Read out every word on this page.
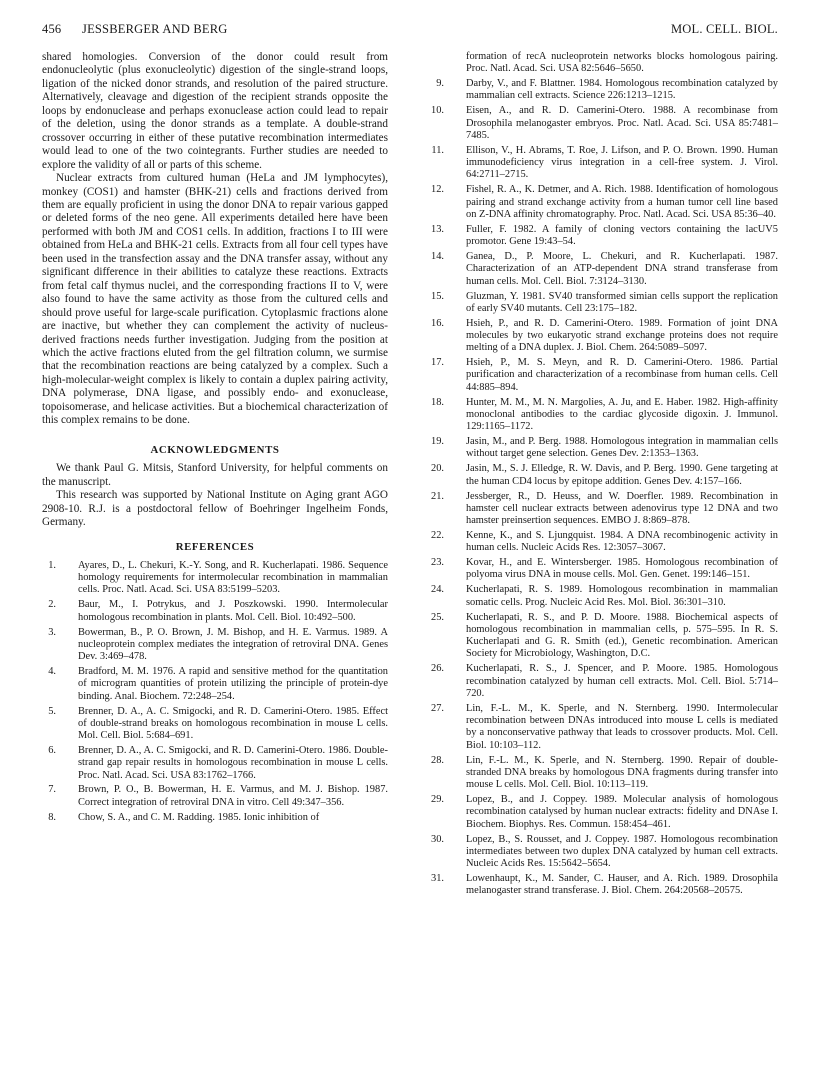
456 JESSBERGER AND BERG	MOL. CELL. BIOL.

shared homologies. Conversion of the donor could result from endonucleolytic (plus exonucleolytic) digestion of the single-strand loops, ligation of the nicked donor strands, and resolution of the paired structure. Alternatively, cleavage and digestion of the recipient strands opposite the loops by endonuclease and perhaps exonuclease action could lead to repair of the deletion, using the donor strands as a template. A double-strand crossover occurring in either of these putative recombination intermediates would lead to one of the two cointegrants. Further studies are needed to explore the validity of all or parts of this scheme.

Nuclear extracts from cultured human (HeLa and JM lymphocytes), monkey (COS1) and hamster (BHK-21) cells and fractions derived from them are equally proficient in using the donor DNA to repair various gapped or deleted forms of the neo gene. All experiments detailed here have been performed with both JM and COS1 cells. In addition, fractions I to III were obtained from HeLa and BHK-21 cells. Extracts from all four cell types have been used in the transfection assay and the DNA transfer assay, without any significant difference in their abilities to catalyze these reactions. Extracts from fetal calf thymus nuclei, and the corresponding fractions II to V, were also found to have the same activity as those from the cultured cells and should prove useful for large-scale purification. Cytoplasmic fractions alone are inactive, but whether they can complement the activity of nucleus-derived fractions needs further investigation. Judging from the position at which the active fractions eluted from the gel filtration column, we surmise that the recombination reactions are being catalyzed by a complex. Such a high-molecular-weight complex is likely to contain a duplex pairing activity, DNA polymerase, DNA ligase, and possibly endo- and exonuclease, topoisomerase, and helicase activities. But a biochemical characterization of this complex remains to be done.

ACKNOWLEDGMENTS

We thank Paul G. Mitsis, Stanford University, for helpful comments on the manuscript.

This research was supported by National Institute on Aging grant AGO 2908-10. R.J. is a postdoctoral fellow of Boehringer Ingelheim Fonds, Germany.

REFERENCES
1. Ayares, D., L. Chekuri, K.-Y. Song, and R. Kucherlapati. 1986. Sequence homology requirements for intermolecular recombination in mammalian cells. Proc. Natl. Acad. Sci. USA 83:5199–5203.
2. Baur, M., I. Potrykus, and J. Poszkowski. 1990. Intermolecular homologous recombination in plants. Mol. Cell. Biol. 10:492–500.
3. Bowerman, B., P. O. Brown, J. M. Bishop, and H. E. Varmus. 1989. A nucleoprotein complex mediates the integration of retroviral DNA. Genes Dev. 3:469–478.
4. Bradford, M. M. 1976. A rapid and sensitive method for the quantitation of microgram quantities of protein utilizing the principle of protein-dye binding. Anal. Biochem. 72:248–254.
5. Brenner, D. A., A. C. Smigocki, and R. D. Camerini-Otero. 1985. Effect of double-strand breaks on homologous recombination in mouse L cells. Mol. Cell. Biol. 5:684–691.
6. Brenner, D. A., A. C. Smigocki, and R. D. Camerini-Otero. 1986. Double-strand gap repair results in homologous recombination in mouse L cells. Proc. Natl. Acad. Sci. USA 83:1762–1766.
7. Brown, P. O., B. Bowerman, H. E. Varmus, and M. J. Bishop. 1987. Correct integration of retroviral DNA in vitro. Cell 49:347–356.
8. Chow, S. A., and C. M. Radding. 1985. Ionic inhibition of
formation of recA nucleoprotein networks blocks homologous pairing. Proc. Natl. Acad. Sci. USA 82:5646–5650.
9. Darby, V., and F. Blattner. 1984. Homologous recombination catalyzed by mammalian cell extracts. Science 226:1213–1215.
10. Eisen, A., and R. D. Camerini-Otero. 1988. A recombinase from Drosophila melanogaster embryos. Proc. Natl. Acad. Sci. USA 85:7481–7485.
11. Ellison, V., H. Abrams, T. Roe, J. Lifson, and P. O. Brown. 1990. Human immunodeficiency virus integration in a cell-free system. J. Virol. 64:2711–2715.
12. Fishel, R. A., K. Detmer, and A. Rich. 1988. Identification of homologous pairing and strand exchange activity from a human tumor cell line based on Z-DNA affinity chromatography. Proc. Natl. Acad. Sci. USA 85:36–40.
13. Fuller, F. 1982. A family of cloning vectors containing the lacUV5 promotor. Gene 19:43–54.
14. Ganea, D., P. Moore, L. Chekuri, and R. Kucherlapati. 1987. Characterization of an ATP-dependent DNA strand transferase from human cells. Mol. Cell. Biol. 7:3124–3130.
15. Gluzman, Y. 1981. SV40 transformed simian cells support the replication of early SV40 mutants. Cell 23:175–182.
16. Hsieh, P., and R. D. Camerini-Otero. 1989. Formation of joint DNA molecules by two eukaryotic strand exchange proteins does not require melting of a DNA duplex. J. Biol. Chem. 264:5089–5097.
17. Hsieh, P., M. S. Meyn, and R. D. Camerini-Otero. 1986. Partial purification and characterization of a recombinase from human cells. Cell 44:885–894.
18. Hunter, M. M., M. N. Margolies, A. Ju, and E. Haber. 1982. High-affinity monoclonal antibodies to the cardiac glycoside digoxin. J. Immunol. 129:1165–1172.
19. Jasin, M., and P. Berg. 1988. Homologous integration in mammalian cells without target gene selection. Genes Dev. 2:1353–1363.
20. Jasin, M., S. J. Elledge, R. W. Davis, and P. Berg. 1990. Gene targeting at the human CD4 locus by epitope addition. Genes Dev. 4:157–166.
21. Jessberger, R., D. Heuss, and W. Doerfler. 1989. Recombination in hamster cell nuclear extracts between adenovirus type 12 DNA and two hamster preinsertion sequences. EMBO J. 8:869–878.
22. Kenne, K., and S. Ljungquist. 1984. A DNA recombinogenic activity in human cells. Nucleic Acids Res. 12:3057–3067.
23. Kovar, H., and E. Wintersberger. 1985. Homologous recombination of polyoma virus DNA in mouse cells. Mol. Gen. Genet. 199:146–151.
24. Kucherlapati, R. S. 1989. Homologous recombination in mammalian somatic cells. Prog. Nucleic Acid Res. Mol. Biol. 36:301–310.
25. Kucherlapati, R. S., and P. D. Moore. 1988. Biochemical aspects of homologous recombination in mammalian cells, p. 575–595. In R. S. Kucherlapati and G. R. Smith (ed.), Genetic recombination. American Society for Microbiology, Washington, D.C.
26. Kucherlapati, R. S., J. Spencer, and P. Moore. 1985. Homologous recombination catalyzed by human cell extracts. Mol. Cell. Biol. 5:714–720.
27. Lin, F.-L. M., K. Sperle, and N. Sternberg. 1990. Intermolecular recombination between DNAs introduced into mouse L cells is mediated by a nonconservative pathway that leads to crossover products. Mol. Cell. Biol. 10:103–112.
28. Lin, F.-L. M., K. Sperle, and N. Sternberg. 1990. Repair of double-stranded DNA breaks by homologous DNA fragments during transfer into mouse L cells. Mol. Cell. Biol. 10:113–119.
29. Lopez, B., and J. Coppey. 1989. Molecular analysis of homologous recombination catalysed by human nuclear extracts: fidelity and DNAse I. Biochem. Biophys. Res. Commun. 158:454–461.
30. Lopez, B., S. Rousset, and J. Coppey. 1987. Homologous recombination intermediates between two duplex DNA catalyzed by human cell extracts. Nucleic Acids Res. 15:5642–5654.
31. Lowenhaupt, K., M. Sander, C. Hauser, and A. Rich. 1989. Drosophila melanogaster strand transferase. J. Biol. Chem. 264:20568–20575.
